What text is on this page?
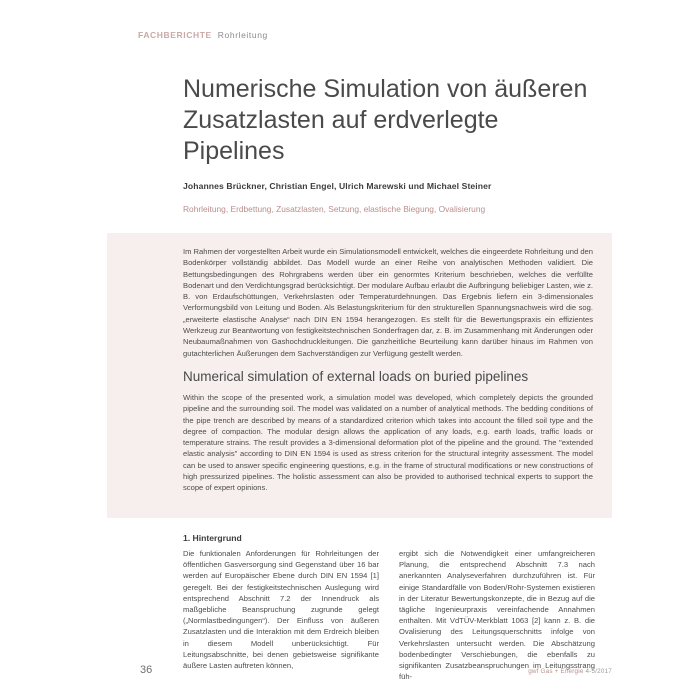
FACHBERICHTE Rohrleitung
Numerische Simulation von äußeren Zusatzlasten auf erdverlegte Pipelines
Johannes Brückner, Christian Engel, Ulrich Marewski und Michael Steiner
Rohrleitung, Erdbettung, Zusatzlasten, Setzung, elastische Biegung, Ovalisierung
Im Rahmen der vorgestellten Arbeit wurde ein Simulationsmodell entwickelt, welches die eingeerdete Rohrleitung und den Bodenkörper vollständig abbildet. Das Modell wurde an einer Reihe von analytischen Methoden validiert. Die Bettungsbedingungen des Rohrgrabens werden über ein genormtes Kriterium beschrieben, welches die verfüllte Bodenart und den Verdichtungsgrad berücksichtigt. Der modulare Aufbau erlaubt die Aufbringung beliebiger Lasten, wie z. B. von Erdaufschüttungen, Verkehrslasten oder Temperaturdehnungen. Das Ergebnis liefern ein 3-dimensionales Verformungsbild von Leitung und Boden. Als Belastungskriterium für den strukturellen Spannungsnachweis wird die sog. „erweiterte elastische Analyse“ nach DIN EN 1594 herangezogen. Es stellt für die Bewertungspraxis ein effizientes Werkzeug zur Beantwortung von festigkeitstechnischen Sonderfragen dar, z. B. im Zusammenhang mit Änderungen oder Neubaumaßnahmen von Gashochdruckleitungen. Die ganzheitliche Beurteilung kann darüber hinaus im Rahmen von gutachterlichen Äußerungen dem Sachverständigen zur Verfügung gestellt werden.
Numerical simulation of external loads on buried pipelines
Within the scope of the presented work, a simulation model was developed, which completely depicts the grounded pipeline and the surrounding soil. The model was validated on a number of analytical methods. The bedding conditions of the pipe trench are described by means of a standardized criterion which takes into account the filled soil type and the degree of compaction. The modular design allows the application of any loads, e.g. earth loads, traffic loads or temperature strains. The result provides a 3-dimensional deformation plot of the pipeline and the ground. The "extended elastic analysis" according to DIN EN 1594 is used as stress criterion for the structural integrity assessment. The model can be used to answer specific engineering questions, e.g. in the frame of structural modifications or new constructions of high pressurized pipelines. The holistic assessment can also be provided to authorised technical experts to support the scope of expert opinions.
1. Hintergrund
Die funktionalen Anforderungen für Rohrleitungen der öffentlichen Gasversorgung sind Gegenstand über 16 bar werden auf Europäischer Ebene durch DIN EN 1594 [1] geregelt. Bei der festigkeitstechnischen Auslegung wird entsprechend Abschnitt 7.2 der Innendruck als maßgebliche Beanspruchung zugrunde gelegt („Normlastbedingungen“). Der Einfluss von äußeren Zusatzlasten und die Interaktion mit dem Erdreich bleiben in diesem Modell unberücksichtigt. Für Leitungsabschnitte, bei denen gebietsweise signifikante äußere Lasten auftreten können,
ergibt sich die Notwendigkeit einer umfangreicheren Planung, die entsprechend Abschnitt 7.3 nach anerkannten Analyseverfahren durchzuführen ist. Für einige Standardfälle von Boden/Rohr-Systemen existieren in der Literatur Bewertungskonzepte, die in Bezug auf die tägliche Ingenieurpraxis vereinfachende Annahmen enthalten. Mit VdTÜV-Merkblatt 1063 [2] kann z. B. die Ovalisierung des Leitungsquerschnitts infolge von Verkehrslasten untersucht werden. Die Abschätzung bodenbedingter Verschiebungen, die ebenfalls zu signifikanten Zusatzbeanspruchungen im Leitungsstrang füh-
36	gwf Gas + Energie 4-5/2017
